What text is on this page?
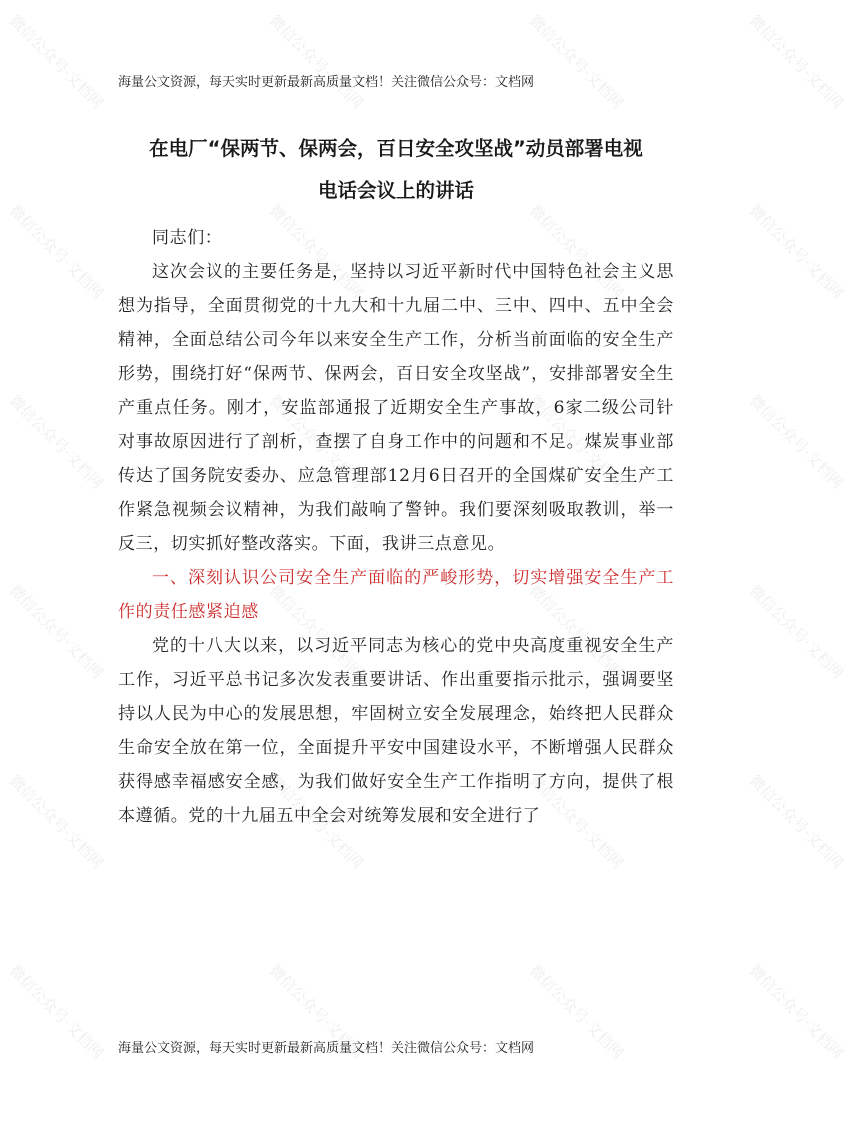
微信公众号·文档网	微信公众号·文档网	微信公众号·文档网	微信公众号·文档网
微信公众号·文档网	微信公众号·文档网	微信公众号·文档网	微信公众号·文档网
微信公众号·文档网	微信公众号·文档网	微信公众号·文档网	微信公众号·文档网
微信公众号·文档网	微信公众号·文档网	微信公众号·文档网	微信公众号·文档网
微信公众号·文档网	微信公众号·文档网	微信公众号·文档网	微信公众号·文档网
微信公众号·文档网	微信公众号·文档网	微信公众号·文档网	微信公众号·文档网
海量公文资源，每天实时更新最新高质量文档！关注微信公众号：文档网
在电厂“保两节、保两会，百日安全攻坚战”动员部署电视
电话会议上的讲话

同志们：

这次会议的主要任务是，坚持以习近平新时代中国特色社会主义思想为指导，全面贯彻党的十九大和十九届二中、三中、四中、五中全会精神，全面总结公司今年以来安全生产工作，分析当前面临的安全生产形势，围绕打好“保两节、保两会，百日安全攻坚战”，安排部署安全生产重点任务。刚才，安监部通报了近期安全生产事故，6家二级公司针对事故原因进行了剖析，查摆了自身工作中的问题和不足。煤炭事业部传达了国务院安委办、应急管理部12月6日召开的全国煤矿安全生产工作紧急视频会议精神，为我们敲响了警钟。我们要深刻吸取教训，举一反三，切实抓好整改落实。下面，我讲三点意见。

一、深刻认识公司安全生产面临的严峻形势，切实增强安全生产工作的责任感紧迫感

党的十八大以来，以习近平同志为核心的党中央高度重视安全生产工作，习近平总书记多次发表重要讲话、作出重要指示批示，强调要坚持以人民为中心的发展思想，牢固树立安全发展理念，始终把人民群众生命安全放在第一位，全面提升平安中国建设水平，不断增强人民群众获得感幸福感安全感，为我们做好安全生产工作指明了方向，提供了根本遵循。党的十九届五中全会对统筹发展和安全进行了

海量公文资源，每天实时更新最新高质量文档！关注微信公众号：文档网
